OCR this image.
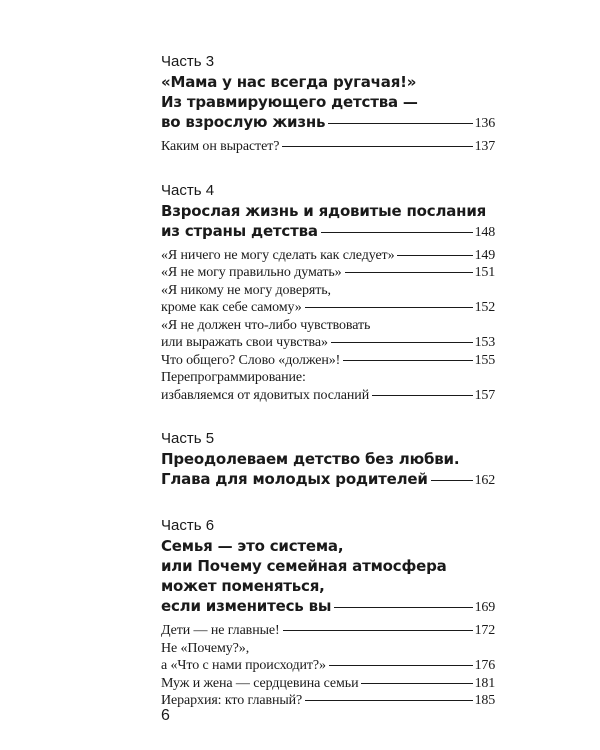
Часть 3
«Мама у нас всегда ругачая!»
Из травмирующего детства —
во взрослую жизнь	136
Каким он вырастет?	137
Часть 4
Взрослая жизнь и ядовитые послания
из страны детства	148
«Я ничего не могу сделать как следует»	149
«Я не могу правильно думать»	151
«Я никому не могу доверять,
кроме как себе самому»	152
«Я не должен что-либо чувствовать
или выражать свои чувства»	153
Что общего? Слово «должен»!	155
Перепрограммирование:
избавляемся от ядовитых посланий	157
Часть 5
Преодолеваем детство без любви.
Глава для молодых родителей	162
Часть 6
Семья — это система,
или Почему семейная атмосфера
может поменяться,
если изменитесь вы	169
Дети — не главные!	172
Не «Почему?»,
а «Что с нами происходит?»	176
Муж и жена — сердцевина семьи	181
Иерархия: кто главный?	185
6
